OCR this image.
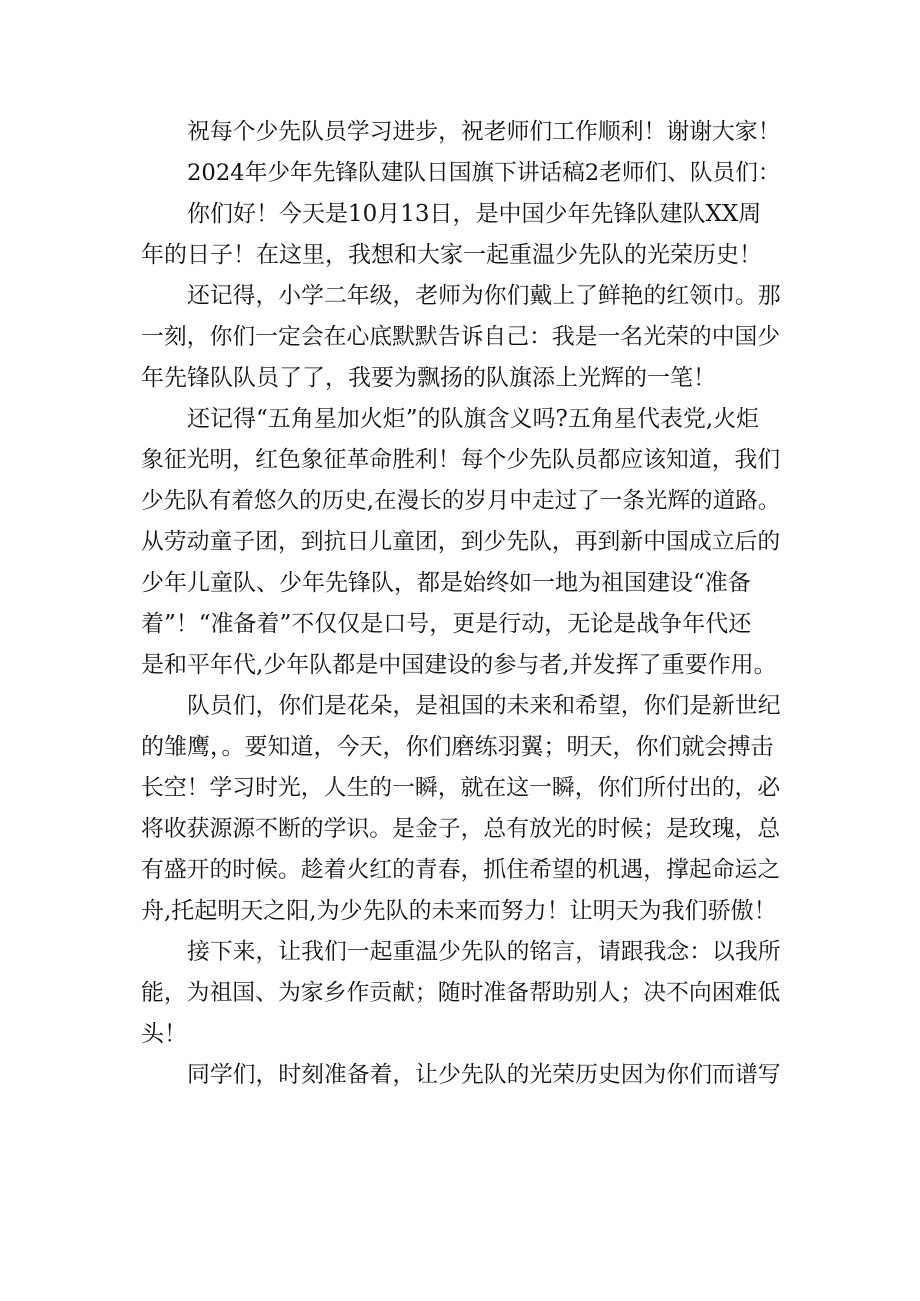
祝每个少先队员学习进步，祝老师们工作顺利！谢谢大家！
2024年少年先锋队建队日国旗下讲话稿2老师们、队员们：
你们好！今天是10月13日，是中国少年先锋队建队XX周
年的日子！在这里，我想和大家一起重温少先队的光荣历史！
还记得，小学二年级，老师为你们戴上了鲜艳的红领巾。那
一刻，你们一定会在心底默默告诉自己：我是一名光荣的中国少
年先锋队队员了了，我要为飘扬的队旗添上光辉的一笔！
还记得“五角星加火炬”的队旗含义吗?五角星代表党,火炬
象征光明，红色象征革命胜利！每个少先队员都应该知道，我们
少先队有着悠久的历史,在漫长的岁月中走过了一条光辉的道路。
从劳动童子团，到抗日儿童团，到少先队，再到新中国成立后的
少年儿童队、少年先锋队，都是始终如一地为祖国建设“准备
着”！“准备着”不仅仅是口号，更是行动，无论是战争年代还
是和平年代,少年队都是中国建设的参与者,并发挥了重要作用。
队员们，你们是花朵，是祖国的未来和希望，你们是新世纪
的雏鹰，。要知道，今天，你们磨练羽翼；明天，你们就会搏击
长空！学习时光，人生的一瞬，就在这一瞬，你们所付出的，必
将收获源源不断的学识。是金子，总有放光的时候；是玫瑰，总
有盛开的时候。趁着火红的青春，抓住希望的机遇，撑起命运之
舟,托起明天之阳,为少先队的未来而努力！让明天为我们骄傲！
接下来，让我们一起重温少先队的铭言，请跟我念：以我所
能，为祖国、为家乡作贡献；随时准备帮助别人；决不向困难低
头！
同学们，时刻准备着，让少先队的光荣历史因为你们而谱写
